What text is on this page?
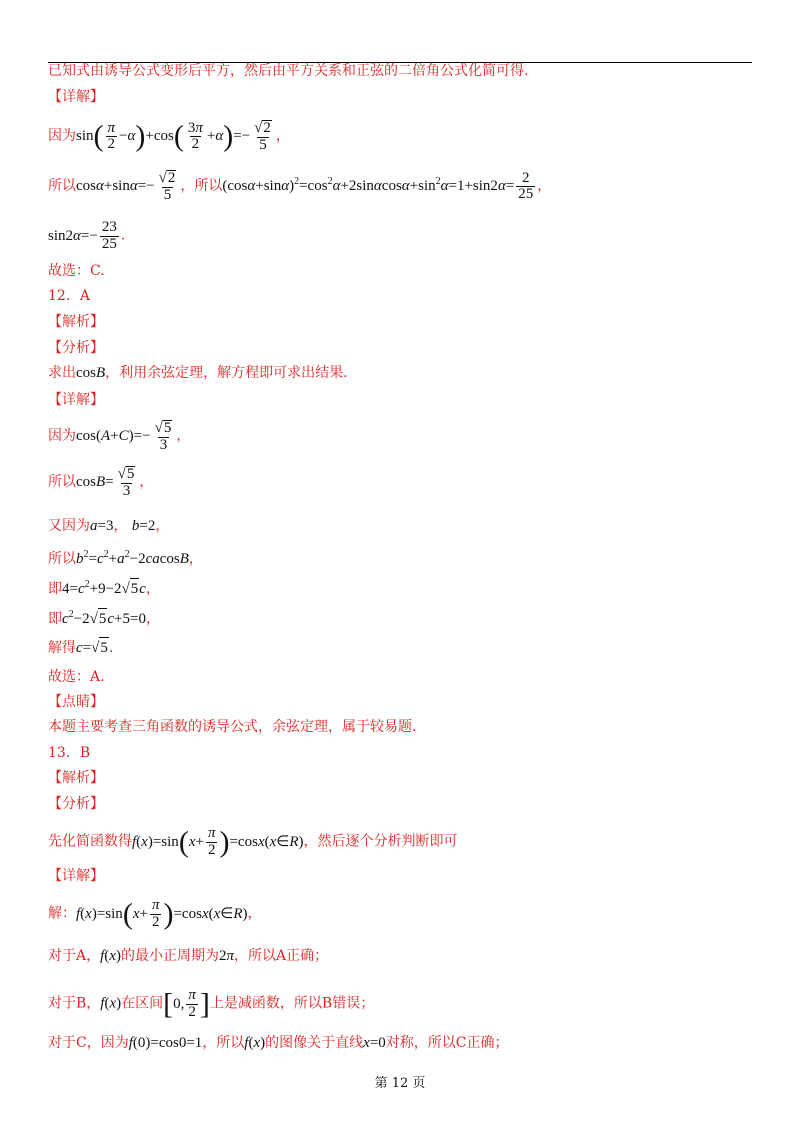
已知式由诱导公式变形后平方，然后由平方关系和正弦的二倍角公式化简可得.
【详解】
因为$\sin( \frac{\pi}{2} -\alpha)+\cos( \frac{3\pi}{2} +\alpha)=- \frac{√2}{5}$ ，
所以$\cos\alpha+\sin\alpha=- \frac{√2}{5}$ ，所以$(\cos\alpha+\sin\alpha)^2=\cos^2\alpha+2\sin\alpha\cos\alpha+\sin^2\alpha=1+\sin 2\alpha= \frac{2}{25}$ ，
$\sin 2\alpha=- \frac{23}{25}$ .
故选：C.
12．A
【解析】
【分析】
求出cosB，利用余弦定理，解方程即可求出结果.
【详解】
因为$\cos(A+C)=- \frac{√5}{3}$ ，
所以$\cos B= \frac{√5}{3}$ ，
又因为a=3， b=2，
所以$b^2=c^2+a^2-2cacosB$，
即$4=c^2+9-2√5c$，
即$c^2-2√5c+5=0$，
解得c=√5.
故选：A.
【点睛】
本题主要考查三角函数的诱导公式，余弦定理，属于较易题.
13．B
【解析】
【分析】
先化简函数得$f(x)=\sin(x+ \frac{\pi}{2}$ )=cosx(x∈R)，然后逐个分析判断即可
【详解】
解：$f(x)=\sin(x+ \frac{\pi}{2}$ )=cosx(x∈R)，
对于A，f(x)的最小正周期为2π，所以A正确；
对于B，f(x)在区间[0, $\frac{\pi}{2}$ ]上是减函数，所以B错误；
对于C，因为f(0)=cos0=1，所以f(x)的图像关于直线x=0对称，所以C正确；
第 12 页
